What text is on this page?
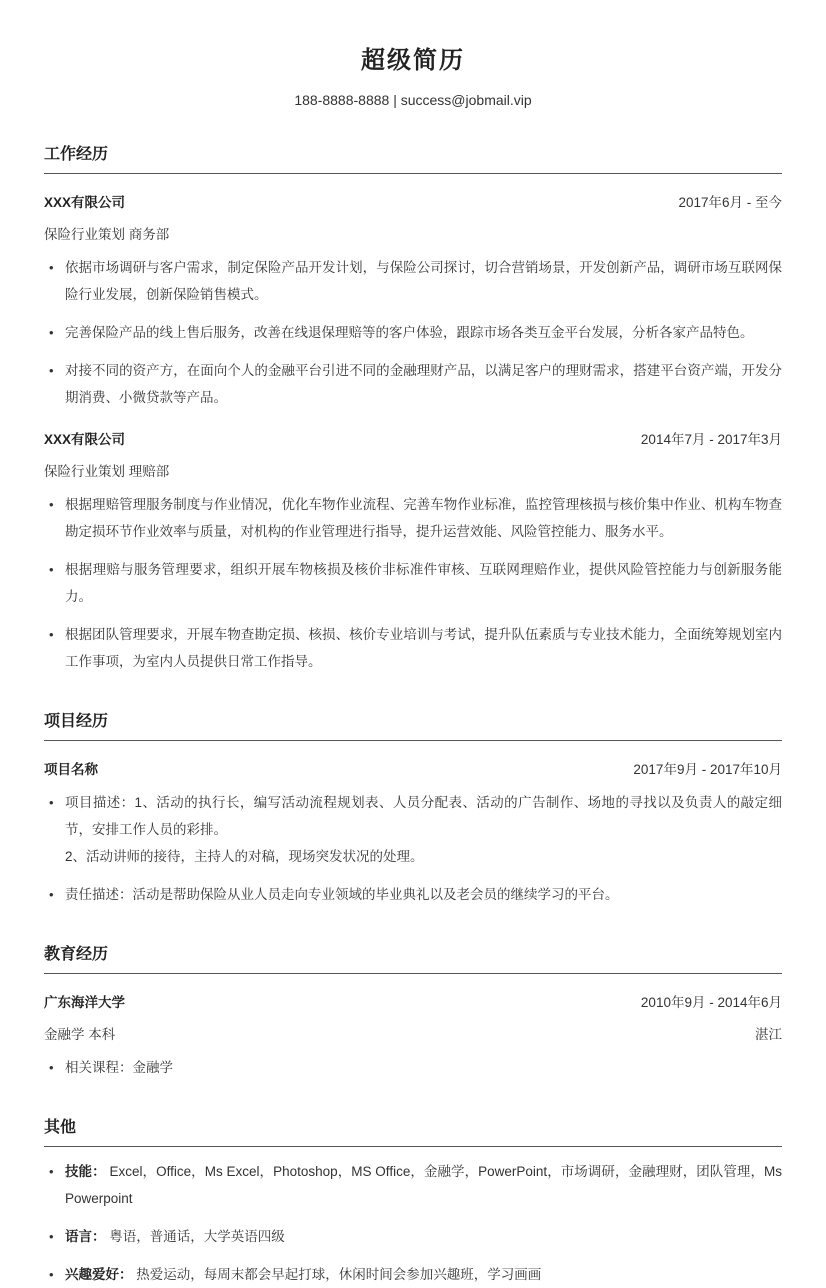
超级简历
188-8888-8888 | success@jobmail.vip
工作经历
XXX有限公司	2017年6月 - 至今
保险行业策划 商务部
• 依据市场调研与客户需求，制定保险产品开发计划，与保险公司探讨，切合营销场景，开发创新产品，调研市场互联网保险行业发展，创新保险销售模式。
• 完善保险产品的线上售后服务，改善在线退保理赔等的客户体验，跟踪市场各类互金平台发展，分析各家产品特色。
• 对接不同的资产方，在面向个人的金融平台引进不同的金融理财产品，以满足客户的理财需求，搭建平台资产端，开发分期消费、小微贷款等产品。
XXX有限公司	2014年7月 - 2017年3月
保险行业策划 理赔部
• 根据理赔管理服务制度与作业情况，优化车物作业流程、完善车物作业标准，监控管理核损与核价集中作业、机构车物查勘定损环节作业效率与质量，对机构的作业管理进行指导，提升运营效能、风险管控能力、服务水平。
• 根据理赔与服务管理要求，组织开展车物核损及核价非标准件审核、互联网理赔作业，提供风险管控能力与创新服务能力。
• 根据团队管理要求，开展车物查勘定损、核损、核价专业培训与考试，提升队伍素质与专业技术能力，全面统筹规划室内工作事项，为室内人员提供日常工作指导。
项目经历
项目名称	2017年9月 - 2017年10月
• 项目描述：1、活动的执行长，编写活动流程规划表、人员分配表、活动的广告制作、场地的寻找以及负责人的敲定细节，安排工作人员的彩排。
2、活动讲师的接待，主持人的对稿，现场突发状况的处理。
• 责任描述：活动是帮助保险从业人员走向专业领域的毕业典礼以及老会员的继续学习的平台。
教育经历
广东海洋大学	2010年9月 - 2014年6月
金融学 本科	湛江
• 相关课程：金融学
其他
• 技能： Excel，Office，Ms Excel，Photoshop，MS Office，金融学，PowerPoint，市场调研，金融理财，团队管理，Ms Powerpoint
• 语言： 粤语，普通话，大学英语四级
• 兴趣爱好： 热爱运动，每周末都会早起打球，休闲时间会参加兴趣班，学习画画
